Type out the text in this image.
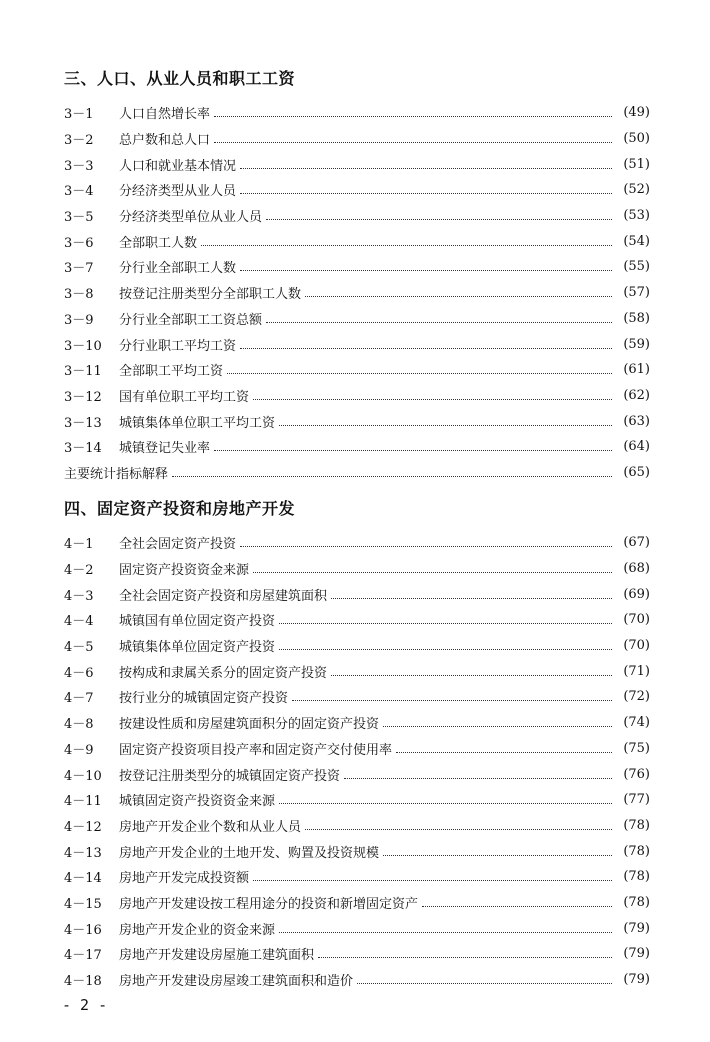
三、人口、从业人员和职工工资
3－1	人口自然增长率	(49)
3－2	总户数和总人口	(50)
3－3	人口和就业基本情况	(51)
3－4	分经济类型从业人员	(52)
3－5	分经济类型单位从业人员	(53)
3－6	全部职工人数	(54)
3－7	分行业全部职工人数	(55)
3－8	按登记注册类型分全部职工人数	(57)
3－9	分行业全部职工工资总额	(58)
3－10	分行业职工平均工资	(59)
3－11	全部职工平均工资	(61)
3－12	国有单位职工平均工资	(62)
3－13	城镇集体单位职工平均工资	(63)
3－14	城镇登记失业率	(64)
主要统计指标解释	(65)
四、固定资产投资和房地产开发
4－1	全社会固定资产投资	(67)
4－2	固定资产投资资金来源	(68)
4－3	全社会固定资产投资和房屋建筑面积	(69)
4－4	城镇国有单位固定资产投资	(70)
4－5	城镇集体单位固定资产投资	(70)
4－6	按构成和隶属关系分的固定资产投资	(71)
4－7	按行业分的城镇固定资产投资	(72)
4－8	按建设性质和房屋建筑面积分的固定资产投资	(74)
4－9	固定资产投资项目投产率和固定资产交付使用率	(75)
4－10	按登记注册类型分的城镇固定资产投资	(76)
4－11	城镇固定资产投资资金来源	(77)
4－12	房地产开发企业个数和从业人员	(78)
4－13	房地产开发企业的土地开发、购置及投资规模	(78)
4－14	房地产开发完成投资额	(78)
4－15	房地产开发建设按工程用途分的投资和新增固定资产	(78)
4－16	房地产开发企业的资金来源	(79)
4－17	房地产开发建设房屋施工建筑面积	(79)
4－18	房地产开发建设房屋竣工建筑面积和造价	(79)
- 2 -
